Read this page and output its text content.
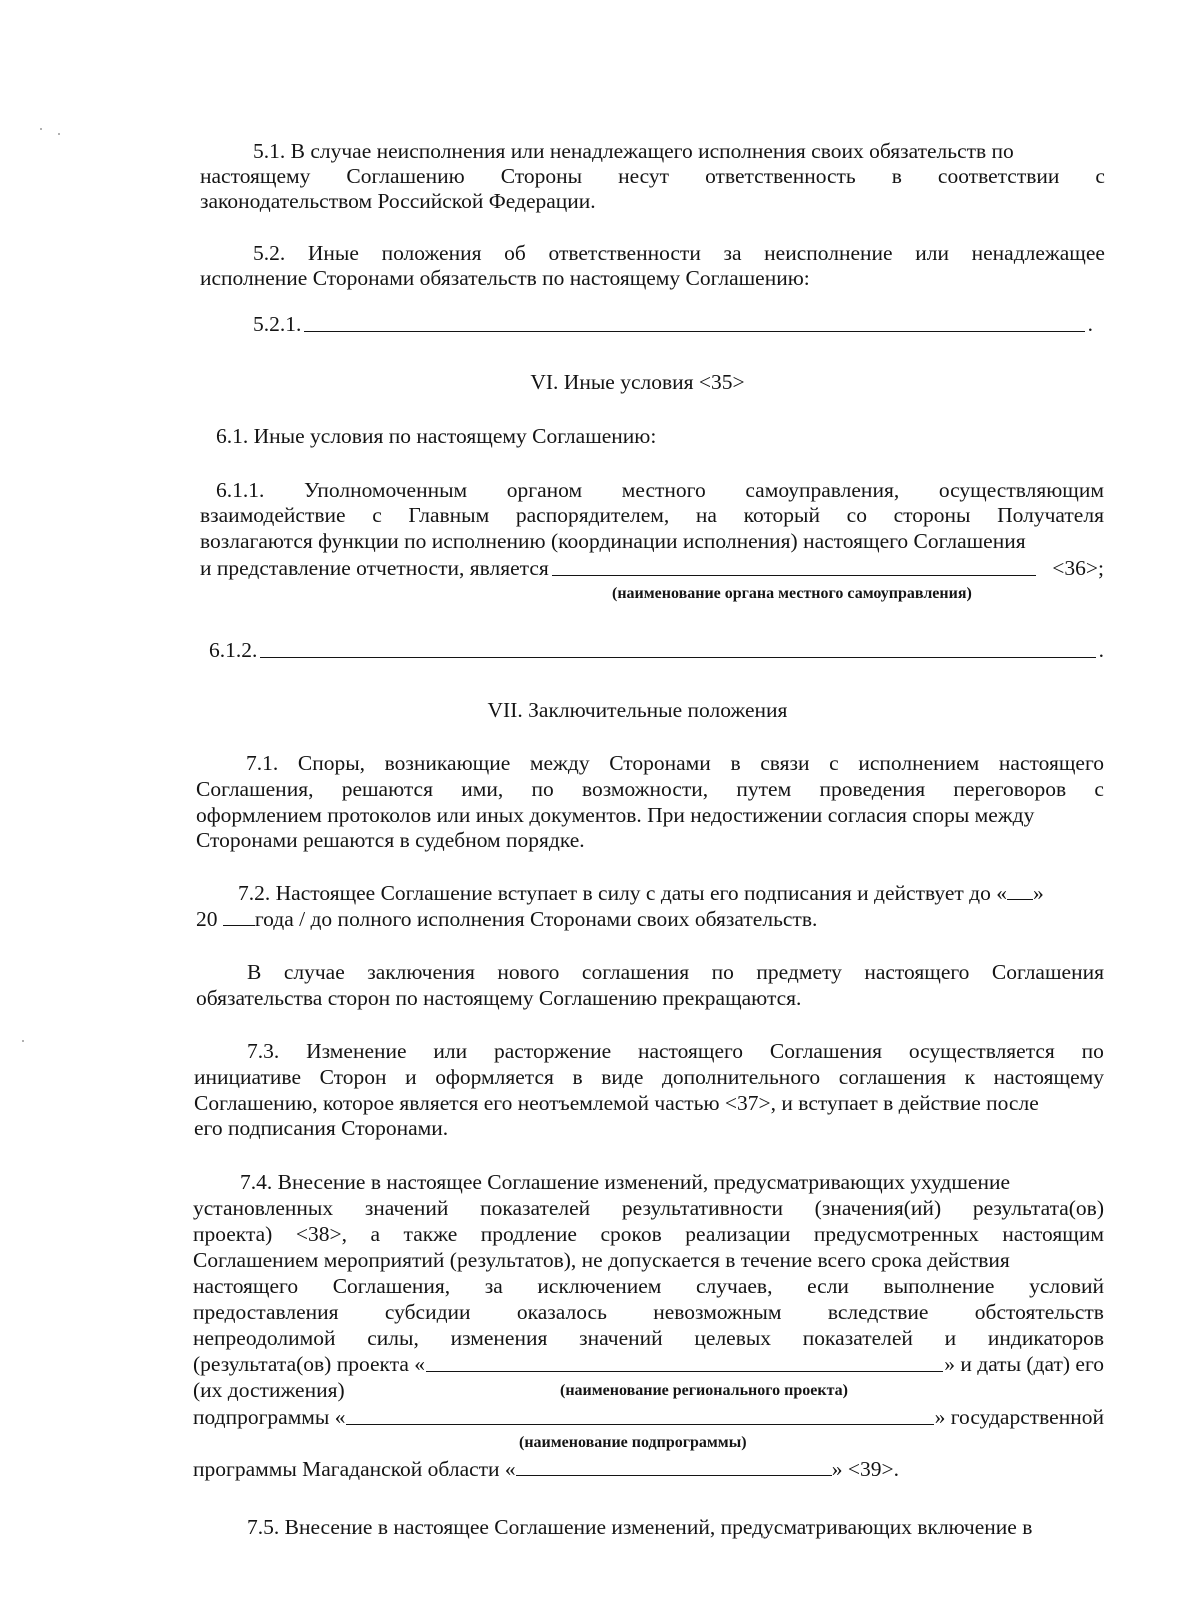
5.1. В случае неисполнения или ненадлежащего исполнения своих обязательств по
настоящему Соглашению Стороны несут ответственность в соответствии с
законодательством Российской Федерации.
5.2. Иные положения об ответственности за неисполнение или ненадлежащее
исполнение Сторонами обязательств по настоящему Соглашению:
5.2.1.	.
VI. Иные условия <35>
6.1. Иные условия по настоящему Соглашению:
6.1.1. Уполномоченным органом местного самоуправления, осуществляющим
взаимодействие с Главным распорядителем, на который со стороны Получателя
возлагаются функции по исполнению (координации исполнения) настоящего Соглашения
и представление отчетности, является	<36>;
(наименование органа местного самоуправления)
6.1.2.	.
VII. Заключительные положения
7.1. Споры, возникающие между Сторонами в связи с исполнением настоящего
Соглашения, решаются ими, по возможности, путем проведения переговоров с
оформлением протоколов или иных документов. При недостижении согласия споры между
Сторонами решаются в судебном порядке.
7.2. Настоящее Соглашение вступает в силу с даты его подписания и действует до « »
20 года / до полного исполнения Сторонами своих обязательств.
В случае заключения нового соглашения по предмету настоящего Соглашения
обязательства сторон по настоящему Соглашению прекращаются.
7.3. Изменение или расторжение настоящего Соглашения осуществляется по
инициативе Сторон и оформляется в виде дополнительного соглашения к настоящему
Соглашению, которое является его неотъемлемой частью <37>, и вступает в действие после
его подписания Сторонами.
7.4. Внесение в настоящее Соглашение изменений, предусматривающих ухудшение
установленных значений показателей результативности (значения(ий) результата(ов)
проекта) <38>, а также продление сроков реализации предусмотренных настоящим
Соглашением мероприятий (результатов), не допускается в течение всего срока действия
настоящего Соглашения, за исключением случаев, если выполнение условий
предоставления субсидии оказалось невозможным вследствие обстоятельств
непреодолимой силы, изменения значений целевых показателей и индикаторов
(результата(ов) проекта «	» и даты (дат) его
(их достижения)	(наименование регионального проекта)
подпрограммы «	» государственной
(наименование подпрограммы)
программы Магаданской области «	» <39>.
7.5. Внесение в настоящее Соглашение изменений, предусматривающих включение в
